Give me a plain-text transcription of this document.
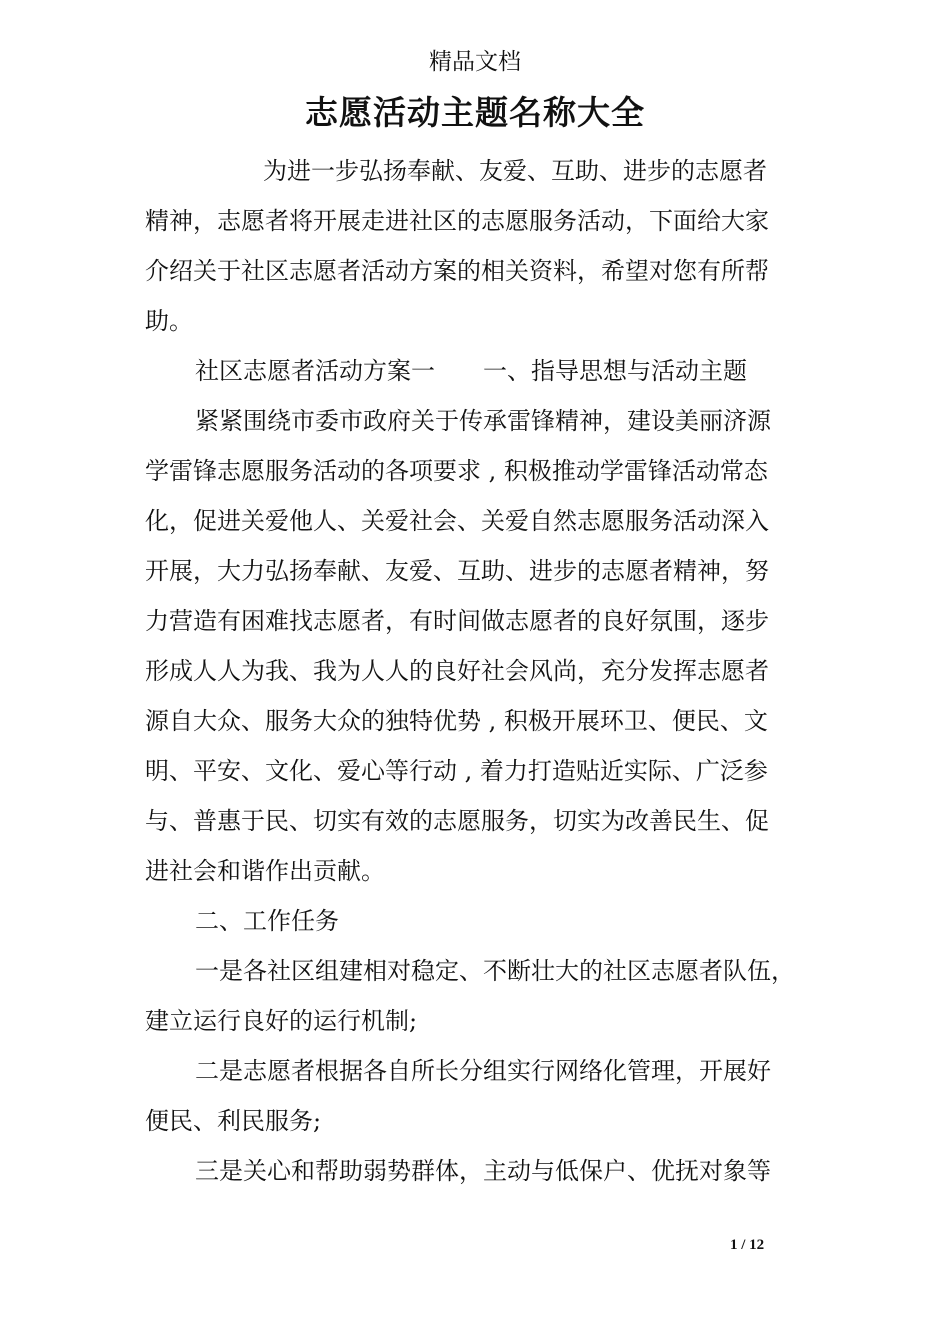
精品文档
志愿活动主题名称大全
为进一步弘扬奉献、友爱、互助、进步的志愿者
精神，志愿者将开展走进社区的志愿服务活动，下面给大家
介绍关于社区志愿者活动方案的相关资料，希望对您有所帮
助。
社区志愿者活动方案一　　一、指导思想与活动主题
紧紧围绕市委市政府关于传承雷锋精神，建设美丽济源
学雷锋志愿服务活动的各项要求 , 积极推动学雷锋活动常态
化，促进关爱他人、关爱社会、关爱自然志愿服务活动深入
开展，大力弘扬奉献、友爱、互助、进步的志愿者精神，努
力营造有困难找志愿者，有时间做志愿者的良好氛围，逐步
形成人人为我、我为人人的良好社会风尚，充分发挥志愿者
源自大众、服务大众的独特优势 , 积极开展环卫、便民、文
明、平安、文化、爱心等行动 , 着力打造贴近实际、广泛参
与、普惠于民、切实有效的志愿服务，切实为改善民生、促
进社会和谐作出贡献。
二、工作任务
一是各社区组建相对稳定、不断壮大的社区志愿者队伍，
建立运行良好的运行机制;
二是志愿者根据各自所长分组实行网络化管理，开展好
便民、利民服务;
三是关心和帮助弱势群体，主动与低保户、优抚对象等
1 / 12
